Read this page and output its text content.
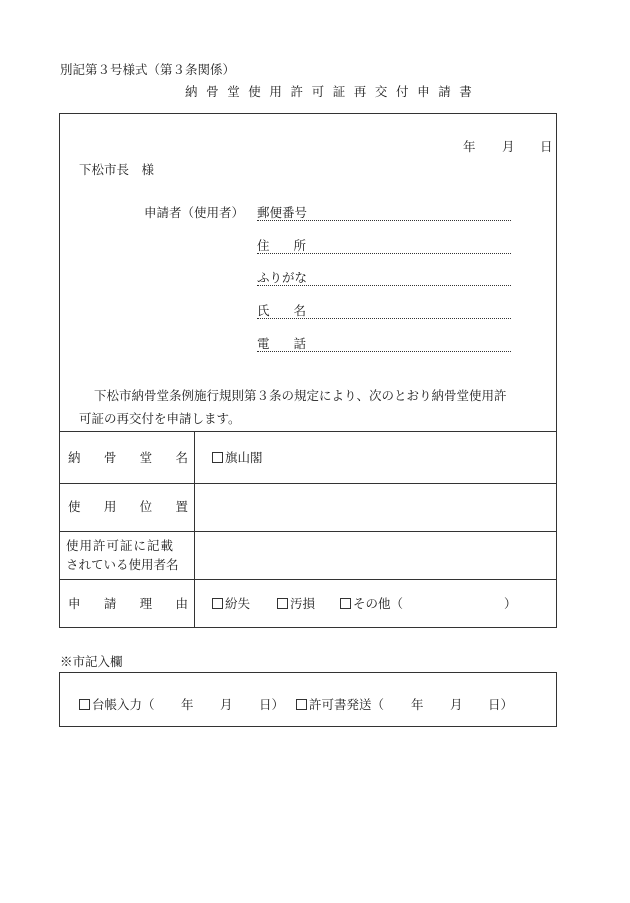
別記第３号様式（第３条関係）
納骨堂使用許可証再交付申請書
年 月 日
下松市長　様
申請者（使用者） 郵便番号
住所
ふりがな
氏名
電話
下松市納骨堂条例施行規則第３条の規定により、次のとおり納骨堂使用許
可証の再交付を申請します。
納 骨 堂 名	旗山閣
使 用 位 置
使用許可証に記載
されている使用者名
申 請 理 由	紛失	汚損	その他（	）
※市記入欄
台帳入力（ 年 月 日）	許可書発送（ 年 月 日）
